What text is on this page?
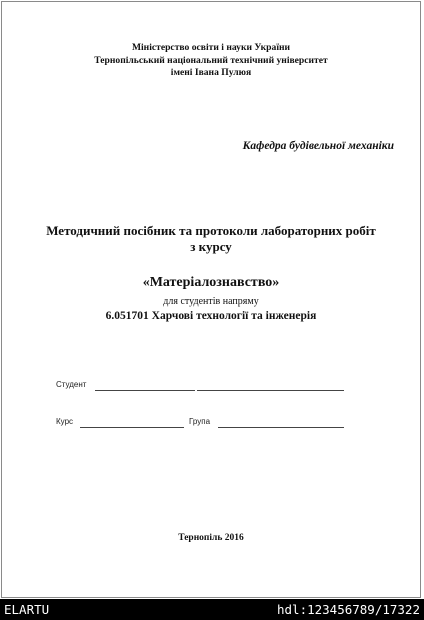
Міністерство освіти і науки України
Тернопільський національний технічний університет
імені Івана Пулюя
Кафедра будівельної механіки
Методичний посібник та протоколи лабораторних робіт
з курсу
«Матеріалознавство»
для студентів напряму
6.051701 Харчові технології та інженерія
Студент
Курс	Група
Тернопіль 2016
ELARTU	hdl:123456789/17322
